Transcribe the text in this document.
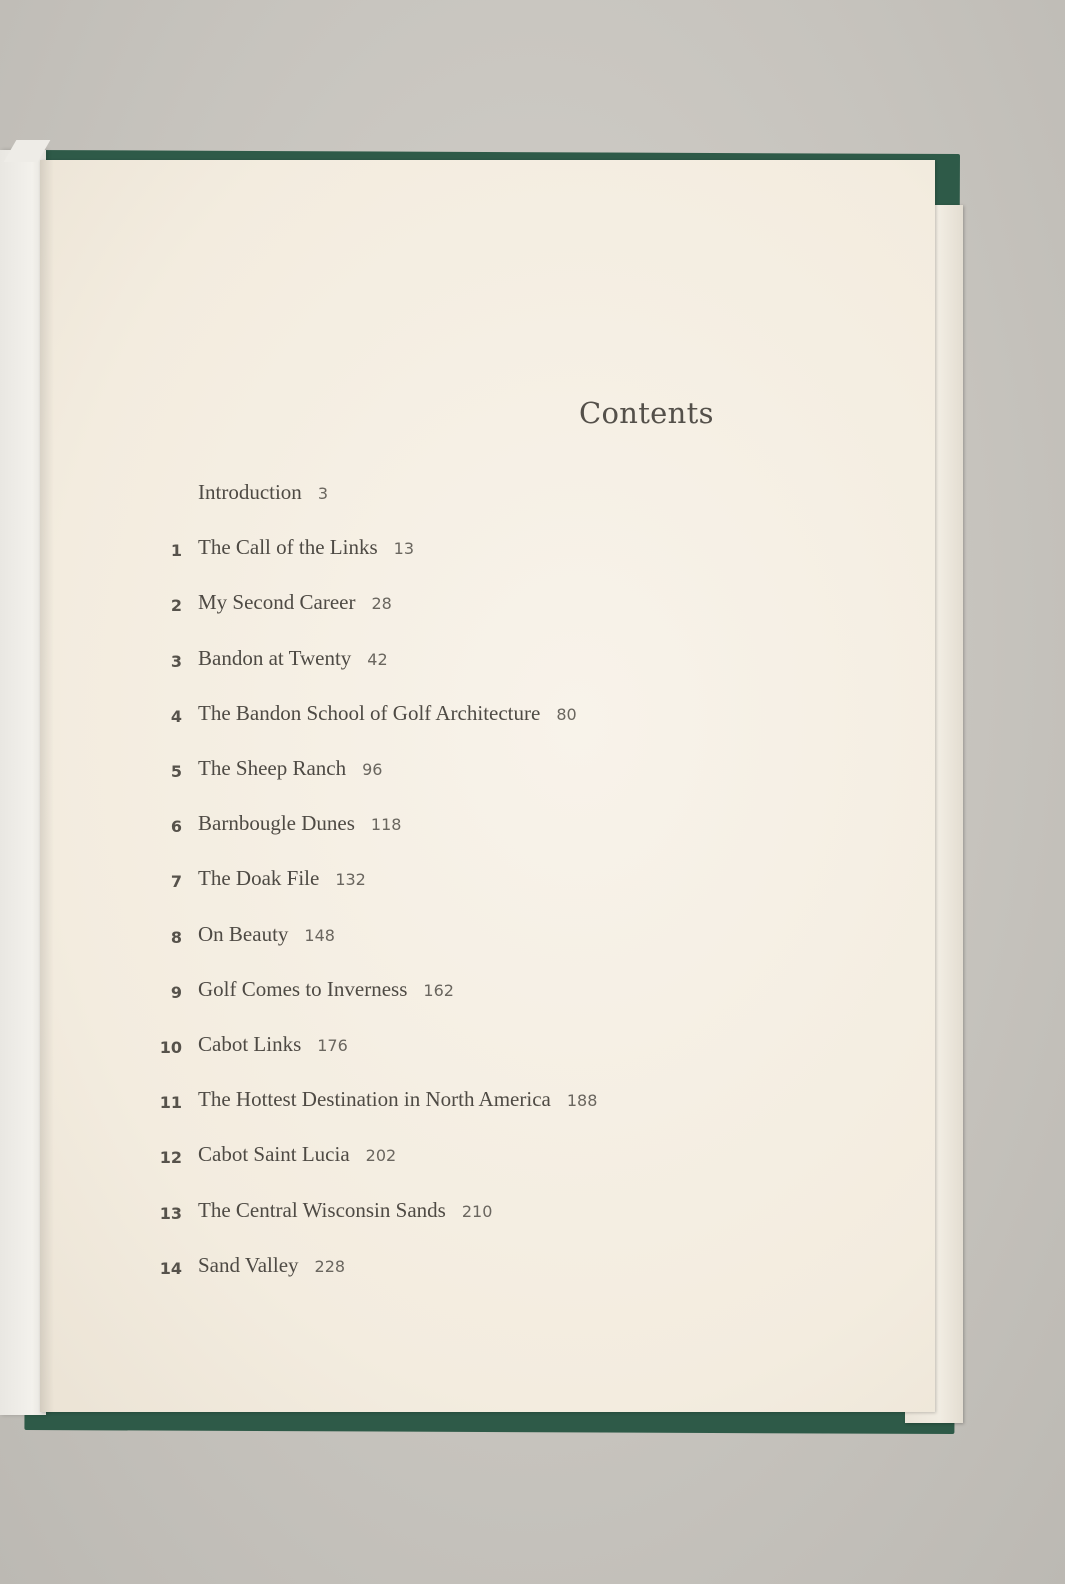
Contents
Introduction 3
1 The Call of the Links 13
2 My Second Career 28
3 Bandon at Twenty 42
4 The Bandon School of Golf Architecture 80
5 The Sheep Ranch 96
6 Barnbougle Dunes 118
7 The Doak File 132
8 On Beauty 148
9 Golf Comes to Inverness 162
10 Cabot Links 176
11 The Hottest Destination in North America 188
12 Cabot Saint Lucia 202
13 The Central Wisconsin Sands 210
14 Sand Valley 228
